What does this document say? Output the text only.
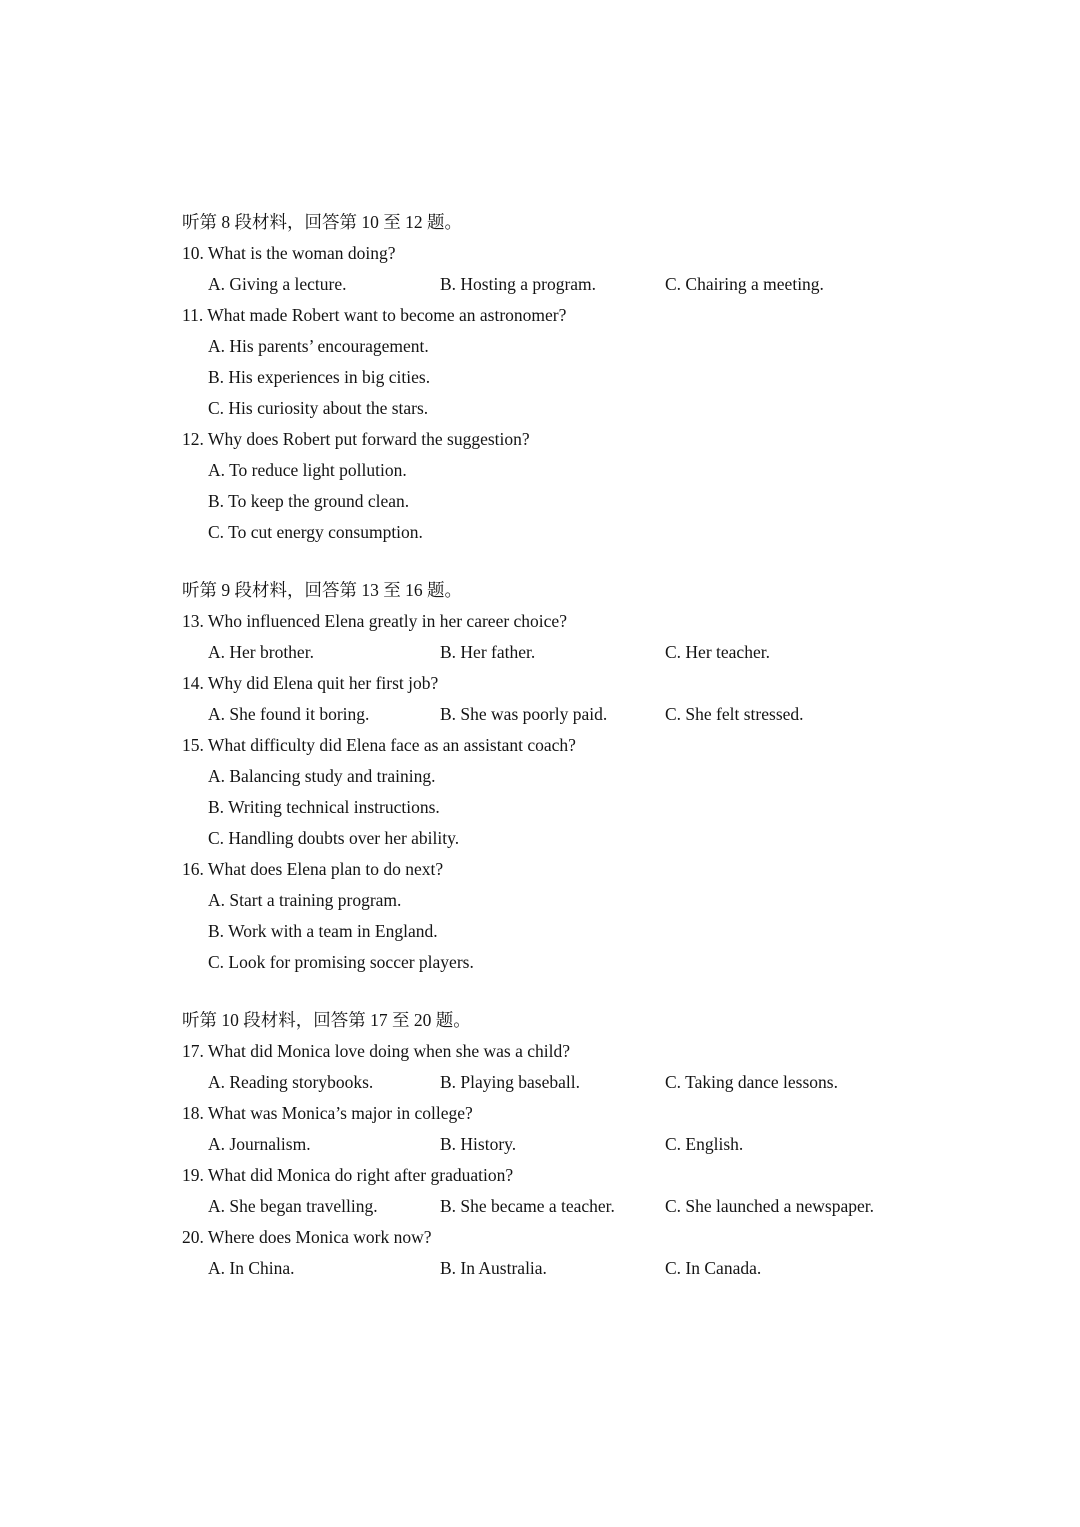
听第 8 段材料，回答第 10 至 12 题。
10. What is the woman doing?
A. Giving a lecture.	B. Hosting a program.	C. Chairing a meeting.
11. What made Robert want to become an astronomer?
A. His parents’ encouragement.
B. His experiences in big cities.
C. His curiosity about the stars.
12. Why does Robert put forward the suggestion?
A. To reduce light pollution.
B. To keep the ground clean.
C. To cut energy consumption.
听第 9 段材料，回答第 13 至 16 题。
13. Who influenced Elena greatly in her career choice?
A. Her brother.	B. Her father.	C. Her teacher.
14. Why did Elena quit her first job?
A. She found it boring.	B. She was poorly paid.	C. She felt stressed.
15. What difficulty did Elena face as an assistant coach?
A. Balancing study and training.
B. Writing technical instructions.
C. Handling doubts over her ability.
16. What does Elena plan to do next?
A. Start a training program.
B. Work with a team in England.
C. Look for promising soccer players.
听第 10 段材料，回答第 17 至 20 题。
17. What did Monica love doing when she was a child?
A. Reading storybooks.	B. Playing baseball.	C. Taking dance lessons.
18. What was Monica’s major in college?
A. Journalism.	B. History.	C. English.
19. What did Monica do right after graduation?
A. She began travelling.	B. She became a teacher.	C. She launched a newspaper.
20. Where does Monica work now?
A. In China.	B. In Australia.	C. In Canada.
